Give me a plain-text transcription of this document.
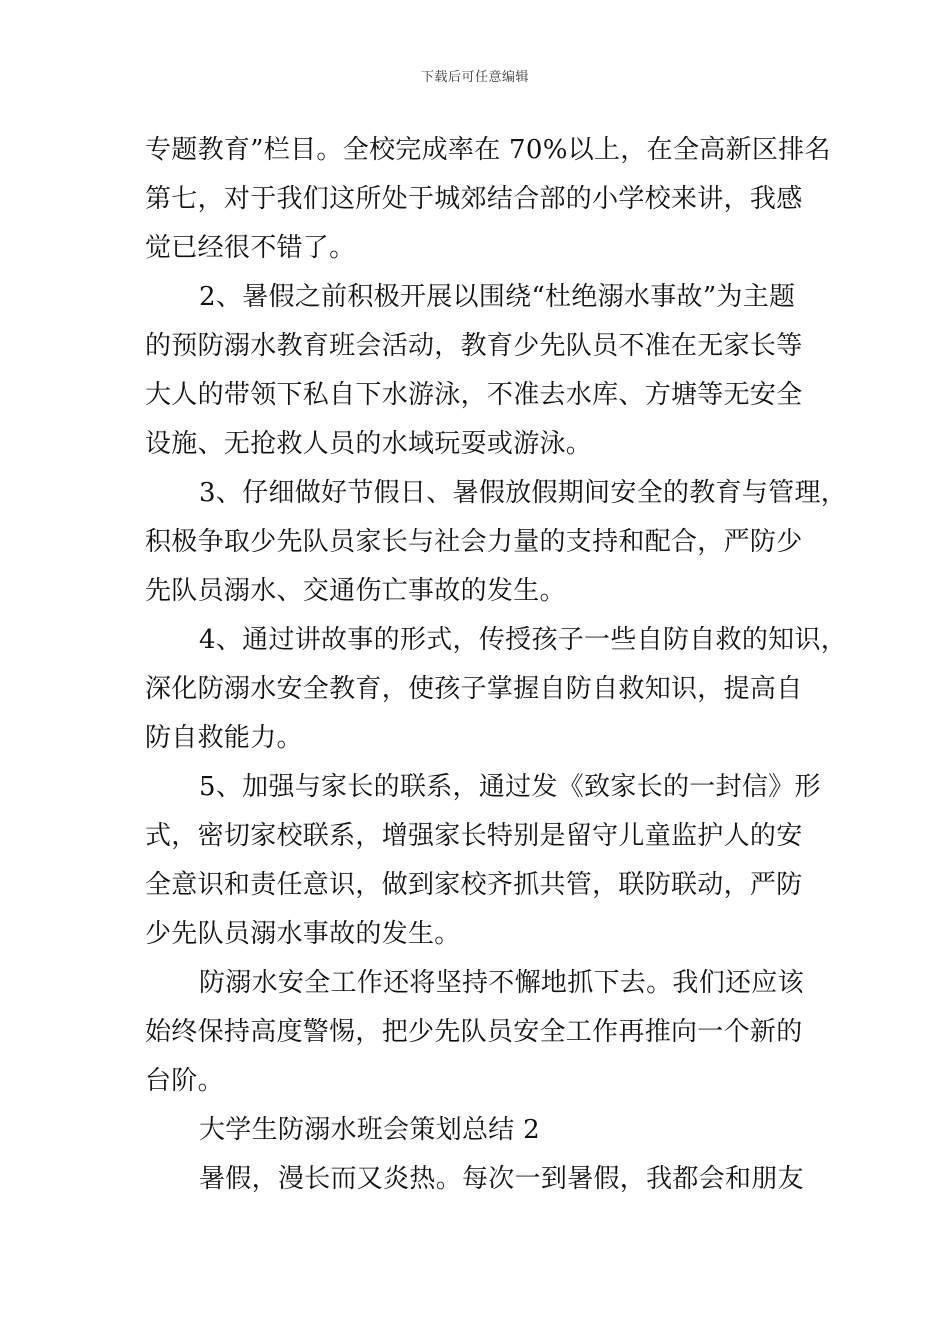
下载后可任意编辑
专题教育”栏目。全校完成率在 70%以上，在全高新区排名
第七，对于我们这所处于城郊结合部的小学校来讲，我感
觉已经很不错了。
2、暑假之前积极开展以围绕“杜绝溺水事故”为主题
的预防溺水教育班会活动，教育少先队员不准在无家长等
大人的带领下私自下水游泳，不准去水库、方塘等无安全
设施、无抢救人员的水域玩耍或游泳。
3、仔细做好节假日、暑假放假期间安全的教育与管理，
积极争取少先队员家长与社会力量的支持和配合，严防少
先队员溺水、交通伤亡事故的发生。
4、通过讲故事的形式，传授孩子一些自防自救的知识，
深化防溺水安全教育，使孩子掌握自防自救知识，提高自
防自救能力。
5、加强与家长的联系，通过发《致家长的一封信》形
式，密切家校联系，增强家长特别是留守儿童监护人的安
全意识和责任意识，做到家校齐抓共管，联防联动，严防
少先队员溺水事故的发生。
防溺水安全工作还将坚持不懈地抓下去。我们还应该
始终保持高度警惕，把少先队员安全工作再推向一个新的
台阶。
大学生防溺水班会策划总结 2
暑假，漫长而又炎热。每次一到暑假，我都会和朋友
